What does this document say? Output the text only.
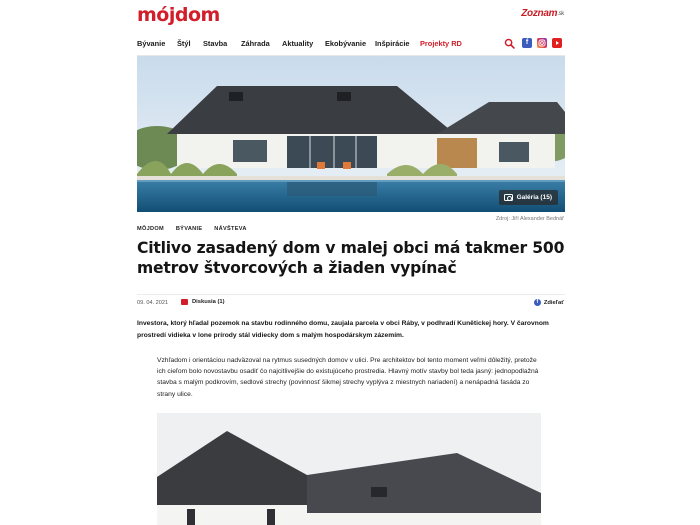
mójdom	Zoznam.sk
Bývanie Štýl Stavba Záhrada Aktuality Ekobývanie Inšpirácie Projekty RD	f
Galéria (15)
Zdroj: Jiří Alexander Bednář
MÔJDOM BÝVANIE NÁVŠTEVA
Citlivo zasadený dom v malej obci má takmer 500 metrov štvorcových a žiaden vypínač
09. 04. 2021	Diskusia (1)	f Zdieľať

Investora, ktorý hľadal pozemok na stavbu rodinného domu, zaujala parcela v obci Ráby, v podhradí Kunětickej hory. V čarovnom prostredí vidieka v lone prírody stál vidiecky dom s malým hospodárskym zázemím.

Vzhľadom i orientáciou nadväzoval na rytmus susedných domov v ulici. Pre architektov bol tento moment veľmi dôležitý, pretože ich cieľom bolo novostavbu osadiť čo najcitlivejšie do existujúceho prostredia. Hlavný motív stavby bol teda jasný: jednopodlažná stavba s malým podkrovím, sedlové strechy (povinnosť šikmej strechy vyplýva z miestnych nariadení) a nenápadná fasáda zo strany ulice.
